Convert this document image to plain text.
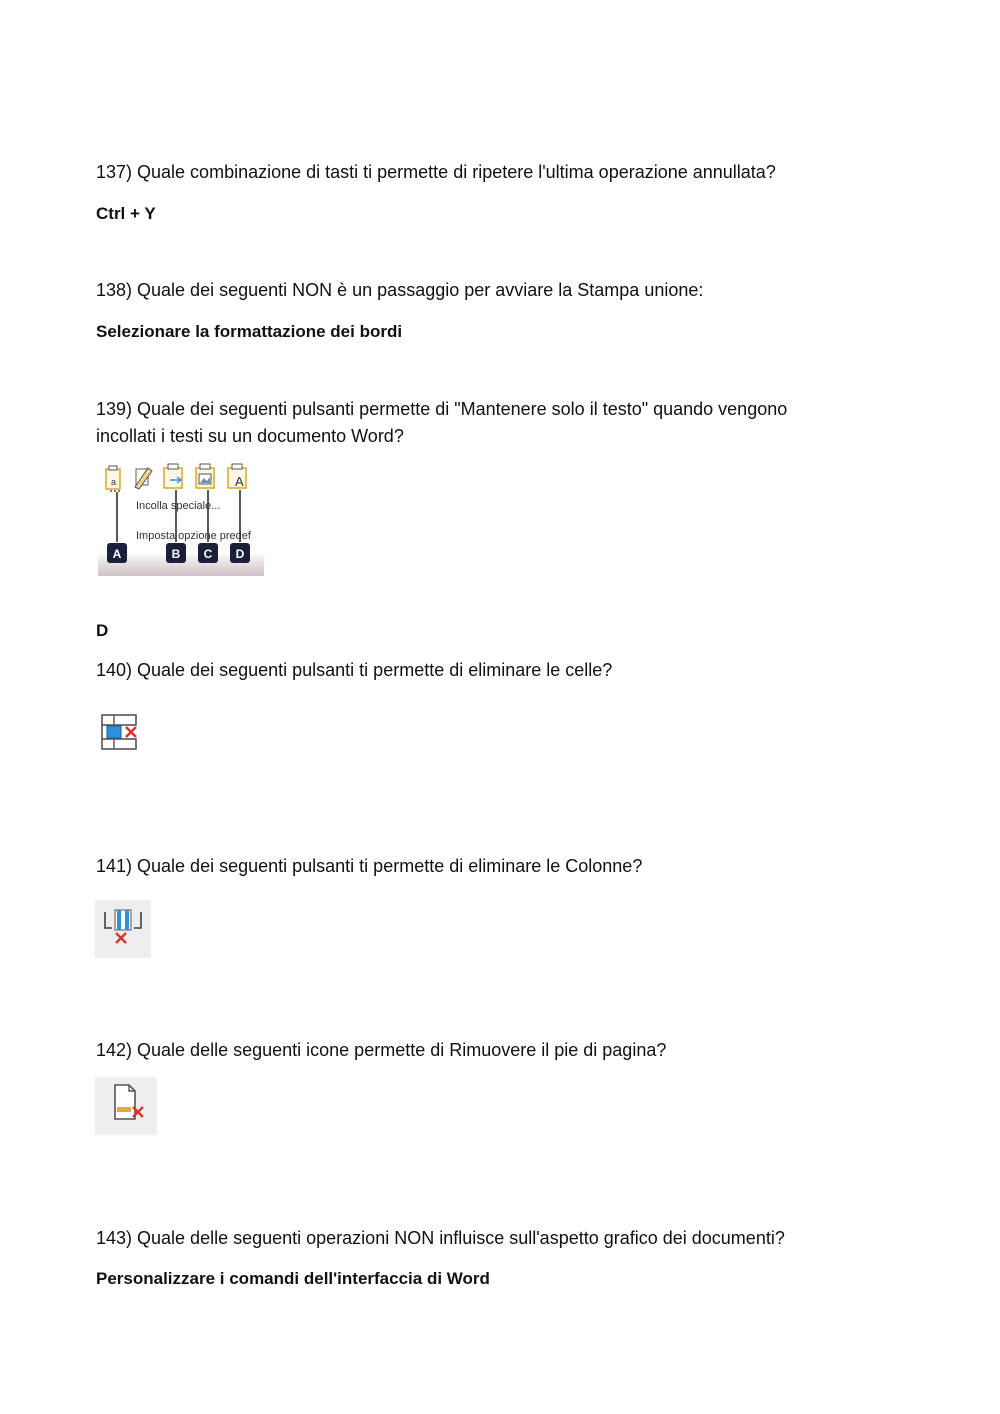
137) Quale combinazione di tasti ti permette di ripetere l'ultima operazione annullata?
Ctrl + Y
138) Quale dei seguenti NON è un passaggio per avviare la Stampa unione:
Selezionare la formattazione dei bordi
139) Quale dei seguenti pulsanti permette di "Mantenere solo il testo" quando vengono
incollati i testi su un documento Word?
a	A
Incolla speciale...
Imposta opzione predef
A	B C D
D
140) Quale dei seguenti pulsanti ti permette di eliminare le celle?
141) Quale dei seguenti pulsanti ti permette di eliminare le Colonne?
142) Quale delle seguenti icone permette di Rimuovere il pie di pagina?
143) Quale delle seguenti operazioni NON influisce sull'aspetto grafico dei documenti?
Personalizzare i comandi dell'interfaccia di Word
